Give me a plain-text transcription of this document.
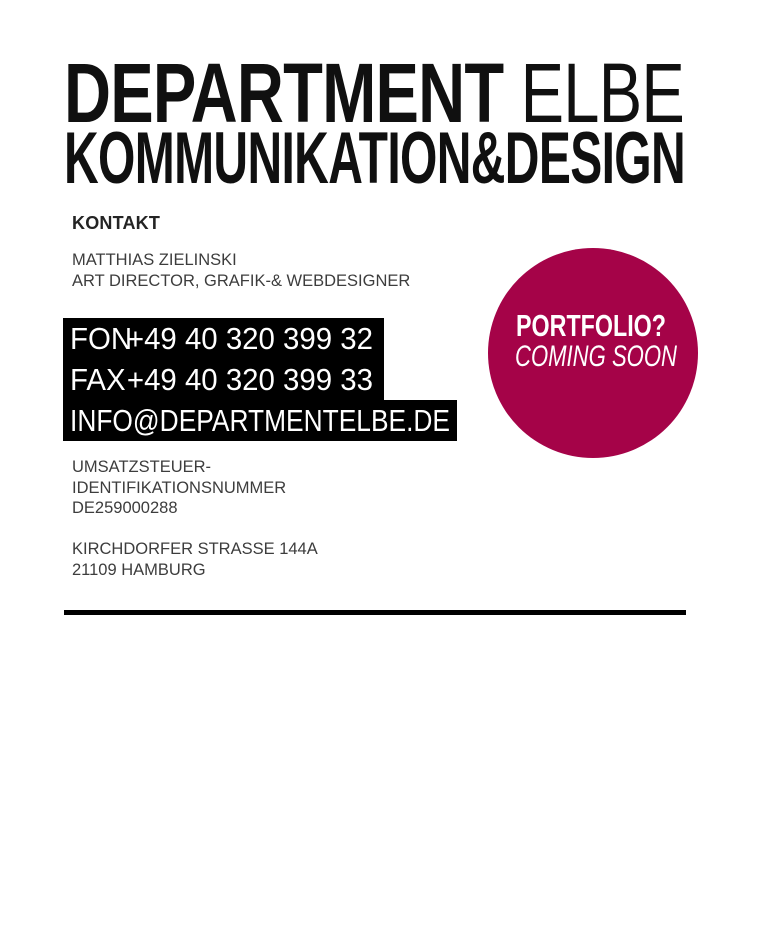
DEPARTMENT ELBE
KOMMUNIKATION&DESIGN
KONTAKT
MATTHIAS ZIELINSKI
ART DIRECTOR, GRAFIK-& WEBDESIGNER
FON+49 40 320 399 32
FAX+49 40 320 399 33
INFO@DEPARTMENTELBE.DE
PORTFOLIO?
COMING SOON
UMSATZSTEUER-
IDENTIFIKATIONSNUMMER
DE259000288
KIRCHDORFER STRASSE 144A
21109 HAMBURG
